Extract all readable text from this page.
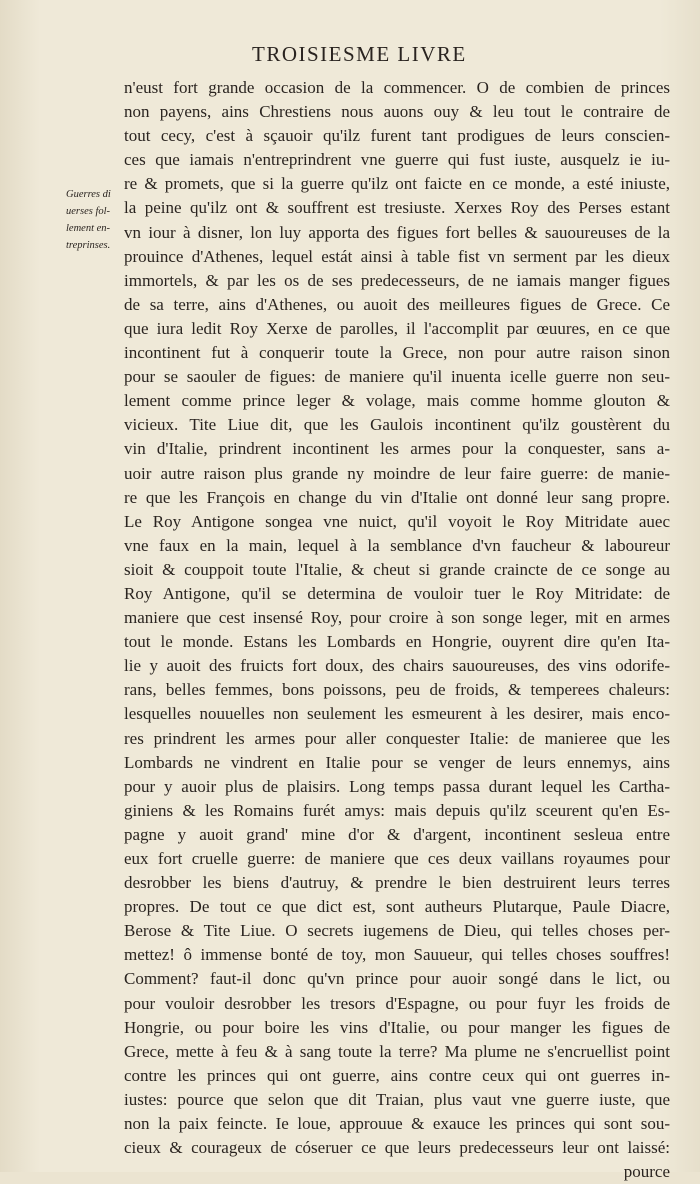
TROISIESME LIVRE
Guerres di
uerses fol-
lement en-
treprinses.
n'eust fort grande occasion de la commencer. O de combien de princes
non payens, ains Chrestiens nous auons ouy & leu tout le contraire de
tout cecy, c'est à sçauoir qu'ilz furent tant prodigues de leurs conscien-
ces que iamais n'entreprindrent vne guerre qui fust iuste, ausquelz ie iu-
re & promets, que si la guerre qu'ilz ont faicte en ce monde, a esté iniuste,
la peine qu'ilz ont & souffrent est tresiuste. Xerxes Roy des Perses estant
vn iour à disner, lon luy apporta des figues fort belles & sauoureuses de la
prouince d'Athenes, lequel estát ainsi à table fist vn serment par les dieux
immortels, & par les os de ses predecesseurs, de ne iamais manger figues
de sa terre, ains d'Athenes, ou auoit des meilleures figues de Grece. Ce
que iura ledit Roy Xerxe de parolles, il l'accomplit par œuures, en ce que
incontinent fut à conquerir toute la Grece, non pour autre raison sinon
pour se saouler de figues: de maniere qu'il inuenta icelle guerre non seu-
lement comme prince leger & volage, mais comme homme glouton &
vicieux. Tite Liue dit, que les Gaulois incontinent qu'ilz goustèrent du
vin d'Italie, prindrent incontinent les armes pour la conquester, sans a-
uoir autre raison plus grande ny moindre de leur faire guerre: de manie-
re que les François en change du vin d'Italie ont donné leur sang propre.
Le Roy Antigone songea vne nuict, qu'il voyoit le Roy Mitridate auec
vne faux en la main, lequel à la semblance d'vn faucheur & laboureur
sioit & couppoit toute l'Italie, & cheut si grande craincte de ce songe au
Roy Antigone, qu'il se determina de vouloir tuer le Roy Mitridate: de
maniere que cest insensé Roy, pour croire à son songe leger, mit en armes
tout le monde. Estans les Lombards en Hongrie, ouyrent dire qu'en Ita-
lie y auoit des fruicts fort doux, des chairs sauoureuses, des vins odorife-
rans, belles femmes, bons poissons, peu de froids, & temperees chaleurs:
lesquelles nouuelles non seulement les esmeurent à les desirer, mais enco-
res prindrent les armes pour aller conquester Italie: de manieree que les
Lombards ne vindrent en Italie pour se venger de leurs ennemys, ains
pour y auoir plus de plaisirs. Long temps passa durant lequel les Cartha-
giniens & les Romains furét amys: mais depuis qu'ilz sceurent qu'en Es-
pagne y auoit grand' mine d'or & d'argent, incontinent sesleua entre
eux fort cruelle guerre: de maniere que ces deux vaillans royaumes pour
desrobber les biens d'autruy, & prendre le bien destruirent leurs terres
propres. De tout ce que dict est, sont autheurs Plutarque, Paule Diacre,
Berose & Tite Liue. O secrets iugemens de Dieu, qui telles choses per-
mettez! ô immense bonté de toy, mon Sauueur, qui telles choses souffres!
Comment? faut-il donc qu'vn prince pour auoir songé dans le lict, ou
pour vouloir desrobber les tresors d'Espagne, ou pour fuyr les froids de
Hongrie, ou pour boire les vins d'Italie, ou pour manger les figues de
Grece, mette à feu & à sang toute la terre? Ma plume ne s'encruellist point
contre les princes qui ont guerre, ains contre ceux qui ont guerres in-
iustes: pource que selon que dit Traian, plus vaut vne guerre iuste, que
non la paix feincte. Ie loue, approuue & exauce les princes qui sont sou-
cieux & courageux de cóseruer ce que leurs predecesseurs leur ont laissé:
pource
